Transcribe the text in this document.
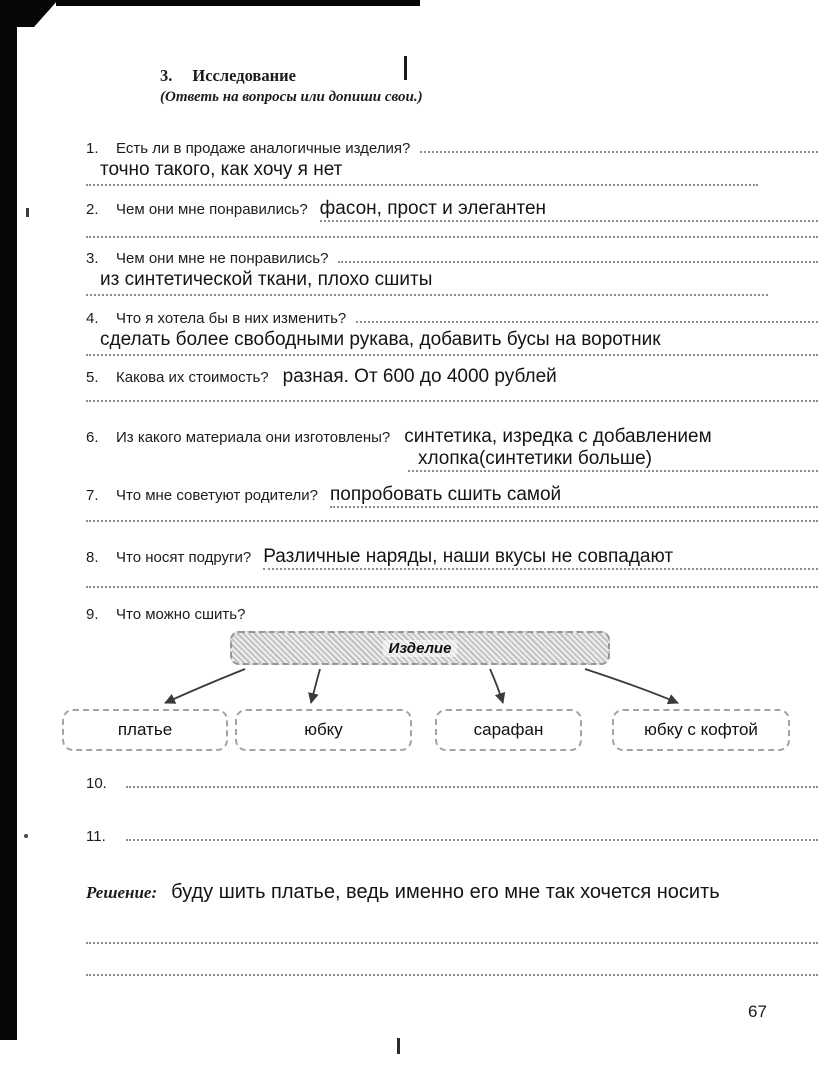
3. Исследование
(Ответь на вопросы или допиши свои.)
1.	Есть ли в продаже аналогичные изделия?
точно такого, как хочу я нет
2.	Чем они мне понравились? фасон, прост и элегантен
3.	Чем они мне не понравились?
из синтетической ткани, плохо сшиты
4.	Что я хотела бы в них изменить?
сделать более свободными рукава, добавить бусы на воротник
5.	Какова их стоимость? разная. От 600 до 4000 рублей
6.	Из какого материала они изготовлены? синтетика, изредка с добавлением
хлопка(синтетики больше)
7.	Что мне советуют родители? попробовать сшить самой
8.	Что носят подруги? Различные наряды, наши вкусы не совпадают
9.	Что можно сшить?
Изделие
платье	юбку	сарафан	юбку с кофтой
10.
11.
Решение: буду шить платье, ведь именно его мне так хочется носить
67
